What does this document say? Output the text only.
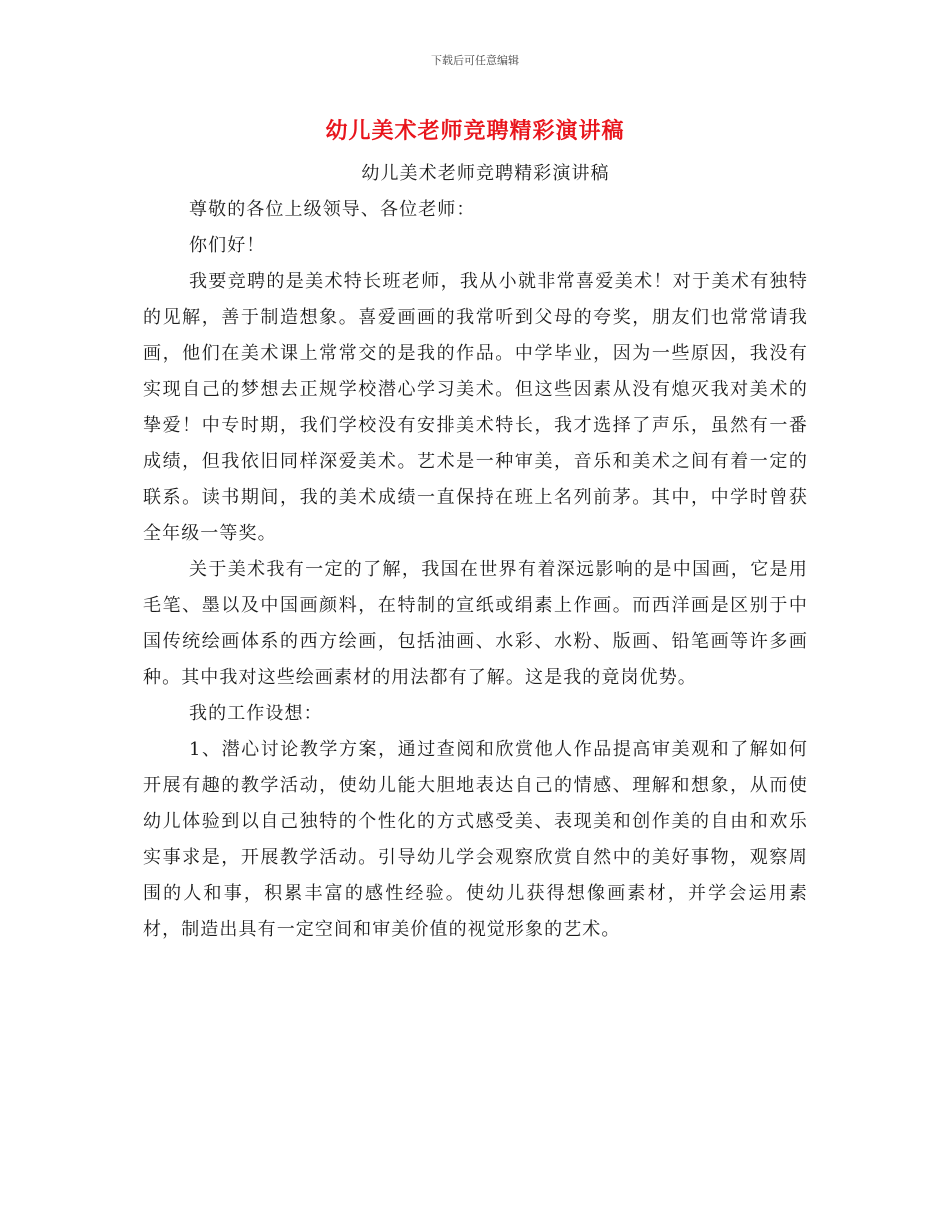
下载后可任意编辑
幼儿美术老师竞聘精彩演讲稿

幼儿美术老师竞聘精彩演讲稿

尊敬的各位上级领导、各位老师：

你们好！

我要竞聘的是美术特长班老师，我从小就非常喜爱美术！对于美术有独特的见解，善于制造想象。喜爱画画的我常听到父母的夸奖，朋友们也常常请我画，他们在美术课上常常交的是我的作品。中学毕业，因为一些原因，我没有实现自己的梦想去正规学校潜心学习美术。但这些因素从没有熄灭我对美术的挚爱！中专时期，我们学校没有安排美术特长，我才选择了声乐，虽然有一番成绩，但我依旧同样深爱美术。艺术是一种审美，音乐和美术之间有着一定的联系。读书期间，我的美术成绩一直保持在班上名列前茅。其中，中学时曾获全年级一等奖。

关于美术我有一定的了解，我国在世界有着深远影响的是中国画，它是用毛笔、墨以及中国画颜料，在特制的宣纸或绢素上作画。而西洋画是区别于中国传统绘画体系的西方绘画，包括油画、水彩、水粉、版画、铅笔画等许多画种。其中我对这些绘画素材的用法都有了解。这是我的竟岗优势。

我的工作设想：

1、潜心讨论教学方案，通过查阅和欣赏他人作品提高审美观和了解如何开展有趣的教学活动，使幼儿能大胆地表达自己的情感、理解和想象，从而使幼儿体验到以自己独特的个性化的方式感受美、表现美和创作美的自由和欢乐实事求是，开展教学活动。引导幼儿学会观察欣赏自然中的美好事物，观察周围的人和事，积累丰富的感性经验。使幼儿获得想像画素材，并学会运用素材，制造出具有一定空间和审美价值的视觉形象的艺术。
